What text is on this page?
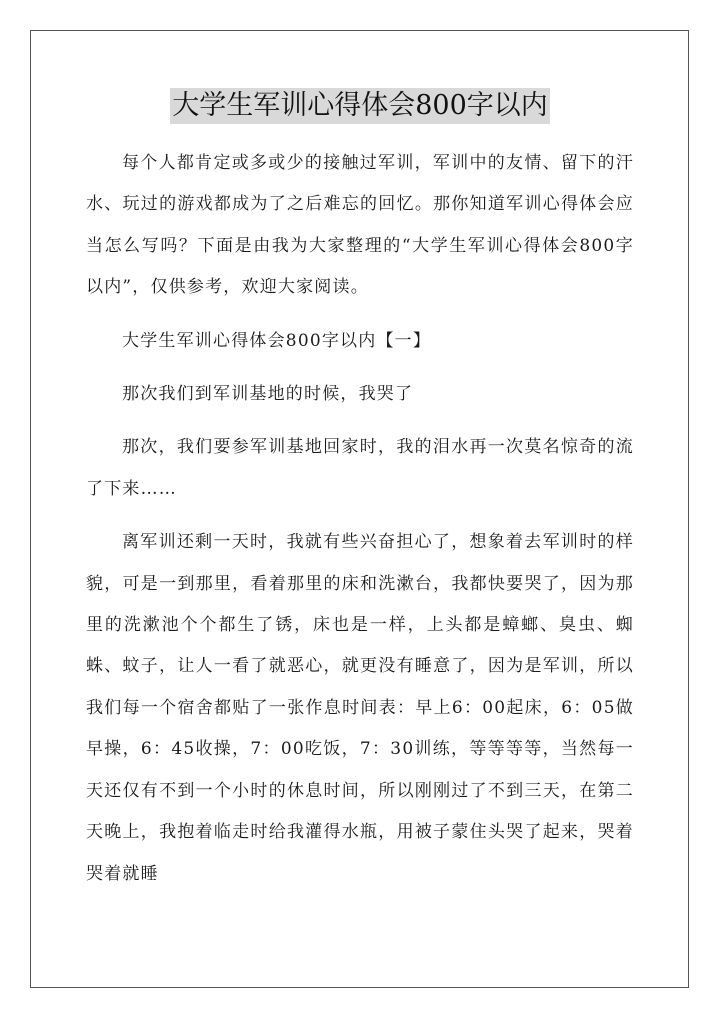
大学生军训心得体会800字以内

每个人都肯定或多或少的接触过军训，军训中的友情、留下的汗水、玩过的游戏都成为了之后难忘的回忆。那你知道军训心得体会应当怎么写吗？下面是由我为大家整理的“大学生军训心得体会800字以内”，仅供参考，欢迎大家阅读。

大学生军训心得体会800字以内【一】

那次我们到军训基地的时候，我哭了

那次，我们要参军训基地回家时，我的泪水再一次莫名惊奇的流了下来……

离军训还剩一天时，我就有些兴奋担心了，想象着去军训时的样貌，可是一到那里，看着那里的床和洗漱台，我都快要哭了，因为那里的洗漱池个个都生了锈，床也是一样，上头都是蟑螂、臭虫、蜘蛛、蚊子，让人一看了就恶心，就更没有睡意了，因为是军训，所以我们每一个宿舍都贴了一张作息时间表：早上6：00起床，6：05做早操，6：45收操，7：00吃饭，7：30训练，等等等等，当然每一天还仅有不到一个小时的休息时间，所以刚刚过了不到三天，在第二天晚上，我抱着临走时给我灌得水瓶，用被子蒙住头哭了起来，哭着哭着就睡
